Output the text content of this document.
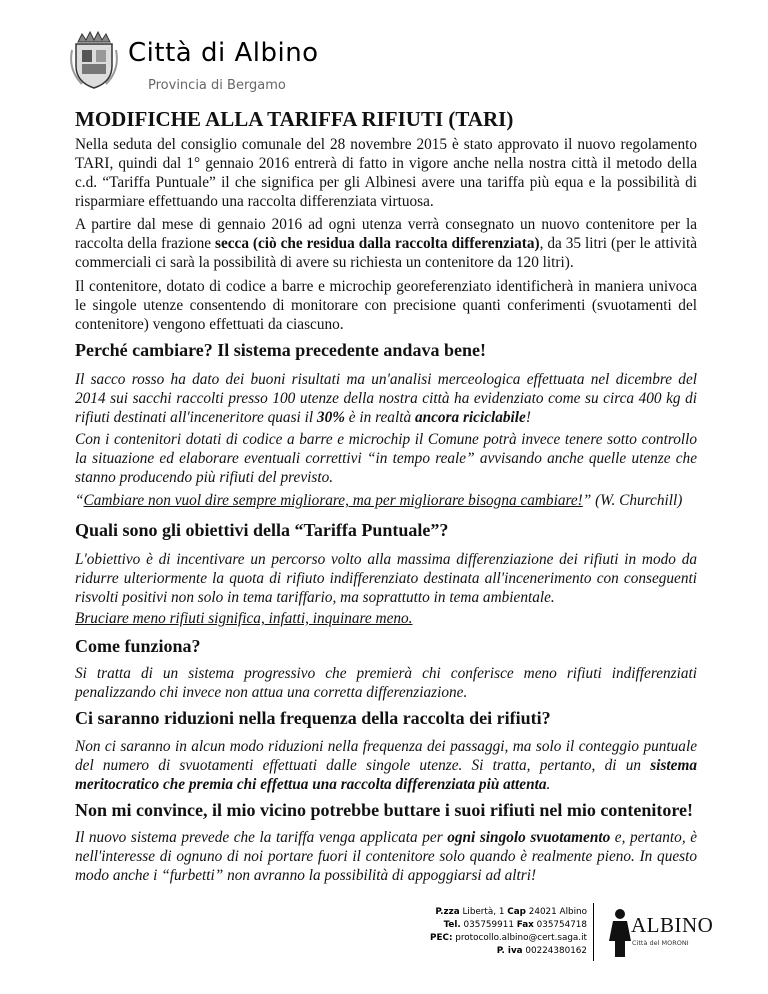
Città di Albino
Provincia di Bergamo
MODIFICHE ALLA TARIFFA RIFIUTI (TARI)

Nella seduta del consiglio comunale del 28 novembre 2015 è stato approvato il nuovo regolamento TARI, quindi dal 1° gennaio 2016 entrerà di fatto in vigore anche nella nostra città il metodo della c.d. “Tariffa Puntuale” il che significa per gli Albinesi avere una tariffa più equa e la possibilità di risparmiare effettuando una raccolta differenziata virtuosa.

A partire dal mese di gennaio 2016 ad ogni utenza verrà consegnato un nuovo contenitore per la raccolta della frazione secca (ciò che residua dalla raccolta differenziata), da 35 litri (per le attività commerciali ci sarà la possibilità di avere su richiesta un contenitore da 120 litri).

Il contenitore, dotato di codice a barre e microchip georeferenziato identificherà in maniera univoca le singole utenze consentendo di monitorare con precisione quanti conferimenti (svuotamenti del contenitore) vengono effettuati da ciascuno.

Perché cambiare? Il sistema precedente andava bene!

Il sacco rosso ha dato dei buoni risultati ma un'analisi merceologica effettuata nel dicembre del 2014 sui sacchi raccolti presso 100 utenze della nostra città ha evidenziato come su circa 400 kg di rifiuti destinati all'inceneritore quasi il 30% è in realtà ancora riciclabile!

Con i contenitori dotati di codice a barre e microchip il Comune potrà invece tenere sotto controllo la situazione ed elaborare eventuali correttivi “in tempo reale” avvisando anche quelle utenze che stanno producendo più rifiuti del previsto.

“Cambiare non vuol dire sempre migliorare, ma per migliorare bisogna cambiare!” (W. Churchill)

Quali sono gli obiettivi della “Tariffa Puntuale”?

L'obiettivo è di incentivare un percorso volto alla massima differenziazione dei rifiuti in modo da ridurre ulteriormente la quota di rifiuto indifferenziato destinata all'incenerimento con conseguenti risvolti positivi non solo in tema tariffario, ma soprattutto in tema ambientale.

Bruciare meno rifiuti significa, infatti, inquinare meno.

Come funziona?

Si tratta di un sistema progressivo che premierà chi conferisce meno rifiuti indifferenziati penalizzando chi invece non attua una corretta differenziazione.

Ci saranno riduzioni nella frequenza della raccolta dei rifiuti?

Non ci saranno in alcun modo riduzioni nella frequenza dei passaggi, ma solo il conteggio puntuale del numero di svuotamenti effettuati dalle singole utenze. Si tratta, pertanto, di un sistema meritocratico che premia chi effettua una raccolta differenziata più attenta.

Non mi convince, il mio vicino potrebbe buttare i suoi rifiuti nel mio contenitore!

Il nuovo sistema prevede che la tariffa venga applicata per ogni singolo svuotamento e, pertanto, è nell'interesse di ognuno di noi portare fuori il contenitore solo quando è realmente pieno. In questo modo anche i “furbetti” non avranno la possibilità di appoggiarsi ad altri!

P.zza Libertà, 1 Cap 24021 Albino
Tel. 035759911 Fax 035754718
PEC: protocollo.albino@cert.saga.it
P. iva 00224380162
ALBINO
Città del MORONI
